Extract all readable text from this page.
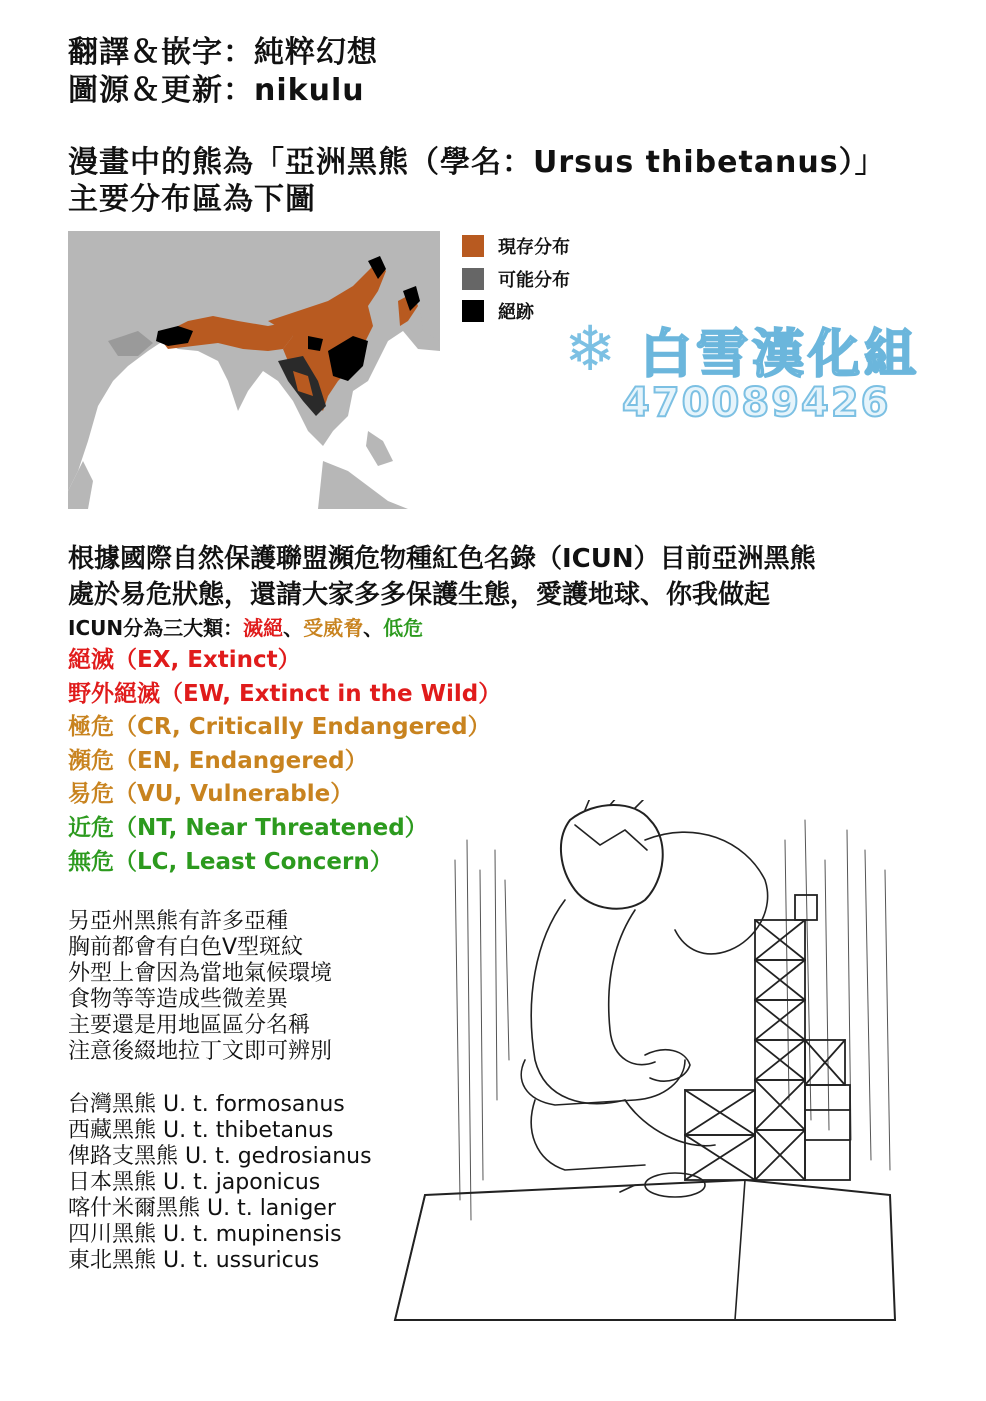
翻譯＆嵌字：純粹幻想
圖源＆更新：nikulu
漫畫中的熊為「亞洲黑熊（學名：Ursus thibetanus）」
主要分布區為下圖
現存分布
可能分布
絕跡 ❄ 白雪漢化組
470089426
根據國際自然保護聯盟瀕危物種紅色名錄（ICUN）目前亞洲黑熊
處於易危狀態，還請大家多多保護生態，愛護地球、你我做起
ICUN分為三大類：滅絕、受威脅、低危
絕滅（EX, Extinct）
野外絕滅（EW, Extinct in the Wild）
極危（CR, Critically Endangered）
瀕危（EN, Endangered）
易危（VU, Vulnerable）
近危（NT, Near Threatened）
無危（LC, Least Concern）
另亞州黑熊有許多亞種
胸前都會有白色V型斑紋
外型上會因為當地氣候環境
食物等等造成些微差異
主要還是用地區區分名稱
注意後綴地拉丁文即可辨別
台灣黑熊 U. t. formosanus
西藏黑熊 U. t. thibetanus
俾路支黑熊 U. t. gedrosianus
日本黑熊 U. t. japonicus
喀什米爾黑熊 U. t. laniger
四川黑熊 U. t. mupinensis
東北黑熊 U. t. ussuricus
